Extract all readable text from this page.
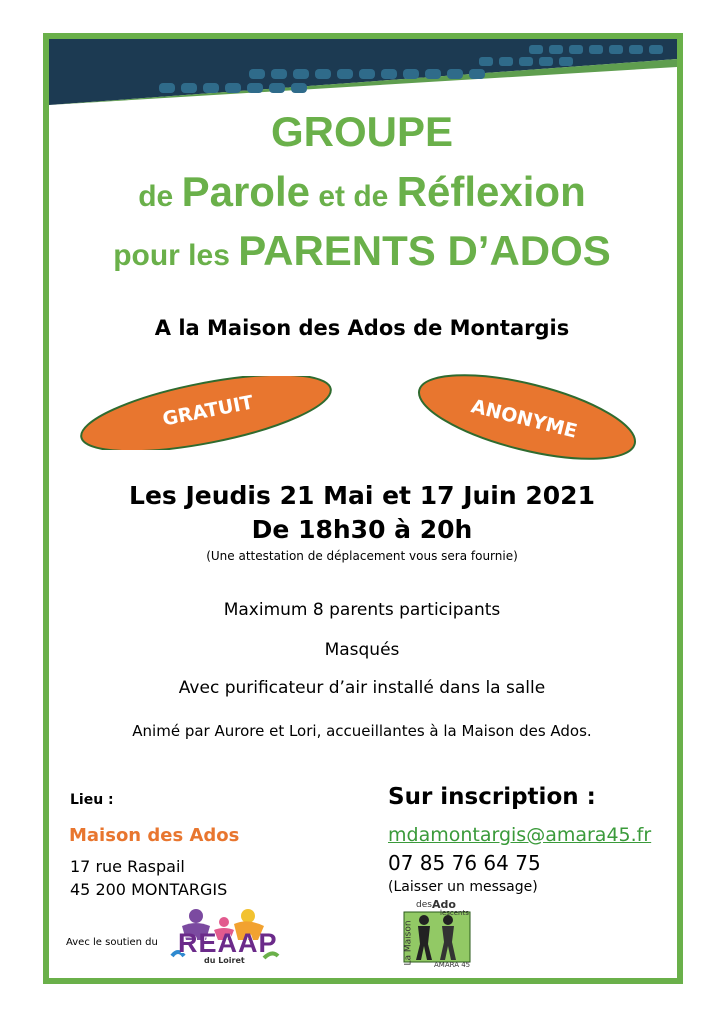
GROUPE
de Parole et de Réflexion
pour les PARENTS D’ADOS
A la Maison des Ados de Montargis
GRATUIT	ANONYME
Les Jeudis 21 Mai et 17 Juin 2021
De 18h30 à 20h
(Une attestation de déplacement vous sera fournie)
Maximum 8 parents participants
Masqués
Avec purificateur d’air installé dans la salle
Animé par Aurore et Lori, accueillantes à la Maison des Ados.
Lieu :
Maison des Ados
17 rue Raspail
45 200 MONTARGIS
Sur inscription :
mdamontargis@amara45.fr
07 85 76 64 75
(Laisser un message)
Avec le soutien du REAAP
du Loiret	La Maison
des Ado
lescents
AMARA 45
